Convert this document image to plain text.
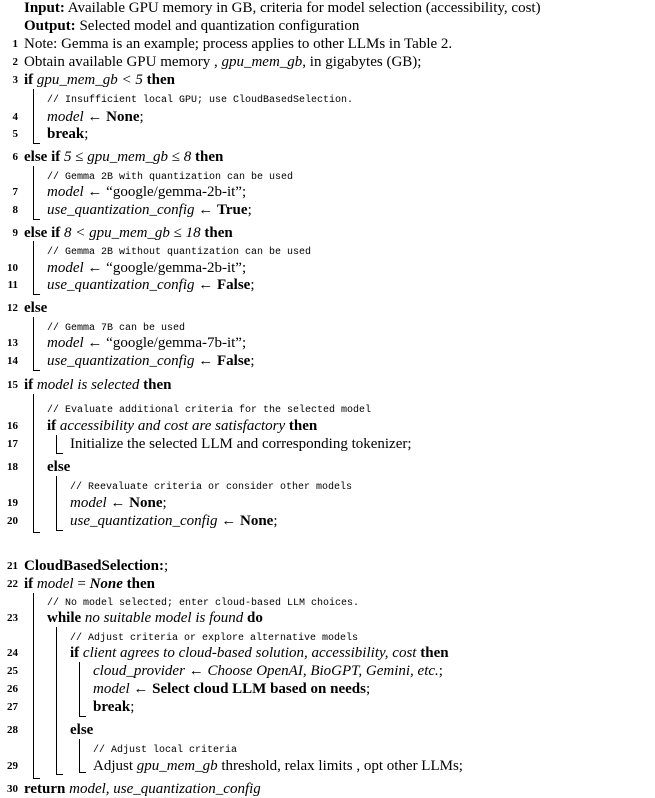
Input: Available GPU memory in GB, criteria for model selection (accessibility, cost)
Output: Selected model and quantization configuration
1 Note: Gemma is an example; process applies to other LLMs in Table 2.
2 Obtain available GPU memory , gpu_mem_gb, in gigabytes (GB);
3 if gpu_mem_gb < 5 then
// Insufficient local GPU; use CloudBasedSelection.
4 model ← None;
5 break;
6 else if 5 ≤ gpu_mem_gb ≤ 8 then
// Gemma 2B with quantization can be used
7 model ← “google/gemma-2b-it”;
8 use_quantization_config ← True;
9 else if 8 < gpu_mem_gb ≤ 18 then
// Gemma 2B without quantization can be used
10 model ← “google/gemma-2b-it”;
11 use_quantization_config ← False;
12 else
// Gemma 7B can be used
13 model ← “google/gemma-7b-it”;
14 use_quantization_config ← False;
15 if model is selected then
// Evaluate additional criteria for the selected model
16 if accessibility and cost are satisfactory then
17	Initialize the selected LLM and corresponding tokenizer;
18 else
// Reevaluate criteria or consider other models
19	model ← None;
20	use_quantization_config ← None;
21 CloudBasedSelection:;
22 if model = None then
// No model selected; enter cloud-based LLM choices.
23 while no suitable model is found do
// Adjust criteria or explore alternative models
24	if client agrees to cloud-based solution, accessibility, cost then
25	cloud_provider ← Choose OpenAI, BioGPT, Gemini, etc.;
26	model ← Select cloud LLM based on needs;
27	break;
28	else
// Adjust local criteria
29	Adjust gpu_mem_gb threshold, relax limits , opt other LLMs;
30 return model, use_quantization_config
